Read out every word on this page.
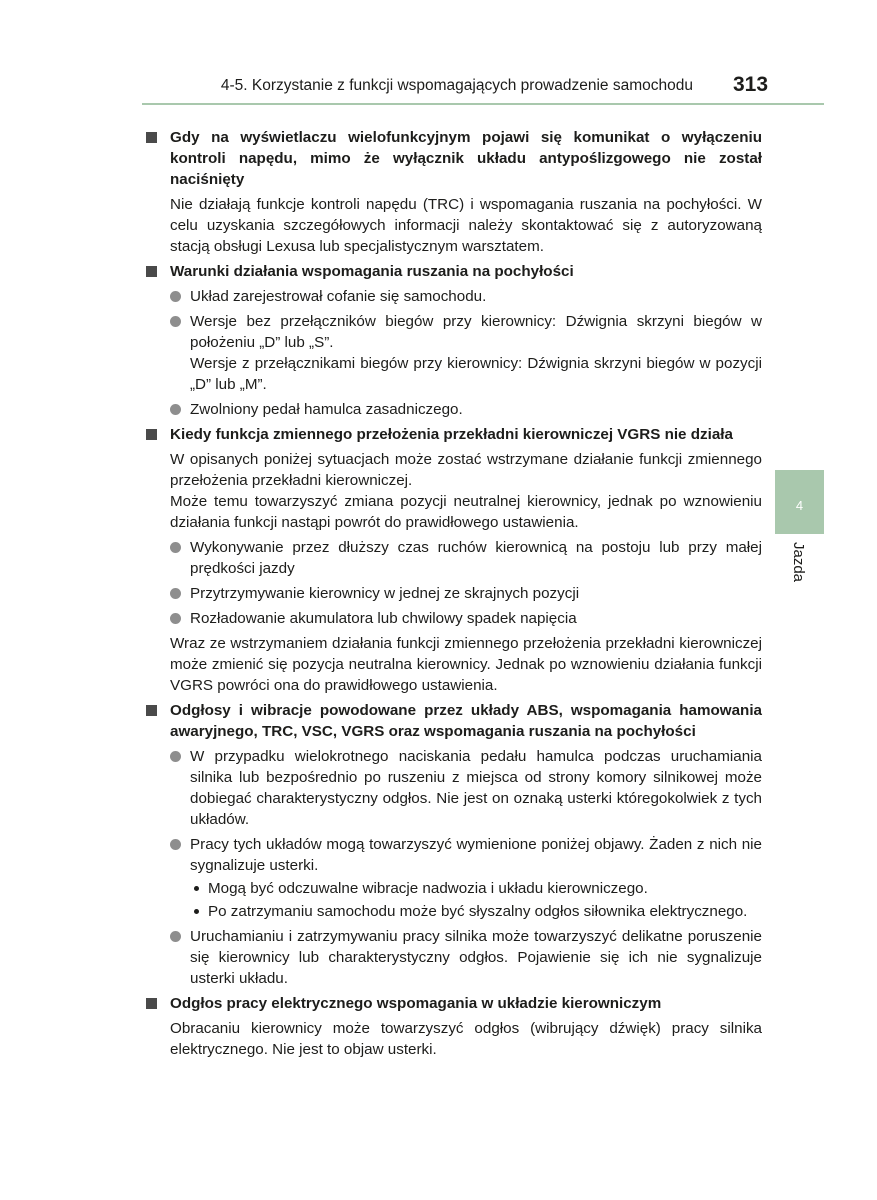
4-5. Korzystanie z funkcji wspomagających prowadzenie samochodu 313
4
Jazda
Gdy na wyświetlaczu wielofunkcyjnym pojawi się komunikat o wyłączeniu kontroli napędu, mimo że wyłącznik układu antypoślizgowego nie został naciśnięty
Nie działają funkcje kontroli napędu (TRC) i wspomagania ruszania na pochyłości. W celu uzyskania szczegółowych informacji należy skontaktować się z autoryzowaną stacją obsługi Lexusa lub specjalistycznym warsztatem.
Warunki działania wspomagania ruszania na pochyłości
Układ zarejestrował cofanie się samochodu.
Wersje bez przełączników biegów przy kierownicy: Dźwignia skrzyni biegów w położeniu „D” lub „S”.
Wersje z przełącznikami biegów przy kierownicy: Dźwignia skrzyni biegów w pozycji „D” lub „M”.
Zwolniony pedał hamulca zasadniczego.
Kiedy funkcja zmiennego przełożenia przekładni kierowniczej VGRS nie działa
W opisanych poniżej sytuacjach może zostać wstrzymane działanie funkcji zmiennego przełożenia przekładni kierowniczej.
Może temu towarzyszyć zmiana pozycji neutralnej kierownicy, jednak po wznowieniu działania funkcji nastąpi powrót do prawidłowego ustawienia.
Wykonywanie przez dłuższy czas ruchów kierownicą na postoju lub przy małej prędkości jazdy
Przytrzymywanie kierownicy w jednej ze skrajnych pozycji
Rozładowanie akumulatora lub chwilowy spadek napięcia
Wraz ze wstrzymaniem działania funkcji zmiennego przełożenia przekładni kierowniczej może zmienić się pozycja neutralna kierownicy. Jednak po wznowieniu działania funkcji VGRS powróci ona do prawidłowego ustawienia.
Odgłosy i wibracje powodowane przez układy ABS, wspomagania hamowania awaryjnego, TRC, VSC, VGRS oraz wspomagania ruszania na pochyłości
W przypadku wielokrotnego naciskania pedału hamulca podczas uruchamiania silnika lub bezpośrednio po ruszeniu z miejsca od strony komory silnikowej może dobiegać charakterystyczny odgłos. Nie jest on oznaką usterki któregokolwiek z tych układów.
Pracy tych układów mogą towarzyszyć wymienione poniżej objawy. Żaden z nich nie sygnalizuje usterki.
Mogą być odczuwalne wibracje nadwozia i układu kierowniczego.
Po zatrzymaniu samochodu może być słyszalny odgłos siłownika elektrycznego.
Uruchamianiu i zatrzymywaniu pracy silnika może towarzyszyć delikatne poruszenie się kierownicy lub charakterystyczny odgłos. Pojawienie się ich nie sygnalizuje usterki układu.
Odgłos pracy elektrycznego wspomagania w układzie kierowniczym
Obracaniu kierownicy może towarzyszyć odgłos (wibrujący dźwięk) pracy silnika elektrycznego. Nie jest to objaw usterki.
